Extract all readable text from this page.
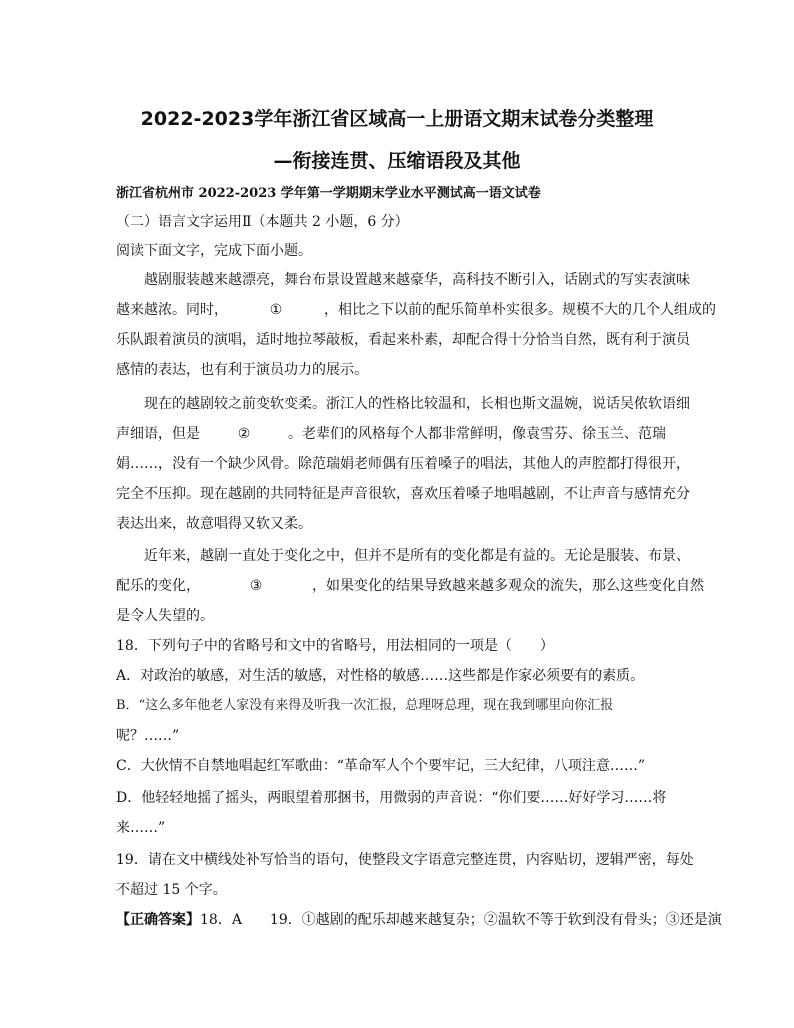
2022-2023学年浙江省区域高一上册语文期末试卷分类整理
—衔接连贯、压缩语段及其他
浙江省杭州市 2022-2023 学年第一学期期末学业水平测试高一语文试卷
（二）语言文字运用Ⅱ（本题共 2 小题，6 分）
阅读下面文字，完成下面小题。
越剧服装越来越漂亮，舞台布景设置越来越豪华，高科技不断引入，话剧式的写实表演味
越来越浓。同时，	①	，相比之下以前的配乐简单朴实很多。规模不大的几个人组成的
乐队跟着演员的演唱，适时地拉琴敲板，看起来朴素，却配合得十分恰当自然，既有利于演员
感情的表达，也有利于演员功力的展示。
现在的越剧较之前变软变柔。浙江人的性格比较温和，长相也斯文温婉，说话吴侬软语细
声细语，但是	②	。老辈们的风格每个人都非常鲜明，像袁雪芬、徐玉兰、范瑞
娟……，没有一个缺少风骨。除范瑞娟老师偶有压着嗓子的唱法，其他人的声腔都打得很开，
完全不压抑。现在越剧的共同特征是声音很软，喜欢压着嗓子地唱越剧，不让声音与感情充分
表达出来，故意唱得又软又柔。
近年来，越剧一直处于变化之中，但并不是所有的变化都是有益的。无论是服装、布景、
配乐的变化，	③	，如果变化的结果导致越来越多观众的流失，那么这些变化自然
是令人失望的。
18．下列句子中的省略号和文中的省略号，用法相同的一项是（　　）
A．对政治的敏感，对生活的敏感，对性格的敏感……这些都是作家必须要有的素质。
B．“这么多年他老人家没有来得及听我一次汇报，总理呀总理，现在我到哪里向你汇报
呢？……”
C．大伙情不自禁地唱起红军歌曲：“革命军人个个要牢记，三大纪律，八项注意……”
D．他轻轻地摇了摇头，两眼望着那捆书，用微弱的声音说：“你们要……好好学习……将
来……”
19．请在文中横线处补写恰当的语句，使整段文字语意完整连贯，内容贴切，逻辑严密，每处
不超过 15 个字。
【正确答案】18．A　　19．①越剧的配乐却越来越复杂；②温软不等于软到没有骨头；③还是演
